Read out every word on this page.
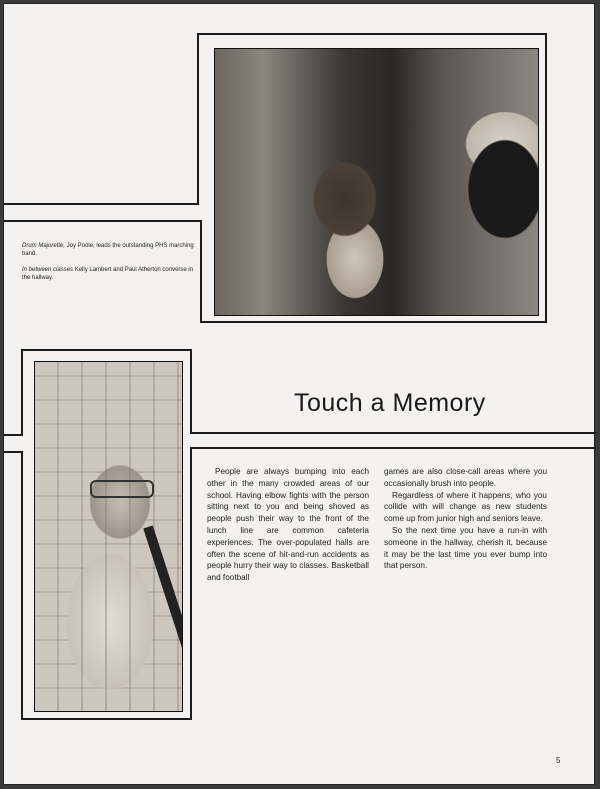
Drum Majorette, Joy Poole, leads the outstanding PHS marching band.

In between classes Kelly Lambert and Paul Atherton converse in the hallway.

Touch a Memory

People are always bumping into each other in the many crowded areas of our school. Having elbow fights with the person sitting next to you and being shoved as people push their way to the front of the lunch line are common cafeteria experiences. The over-populated halls are often the scene of hit-and-run accidents as people hurry their way to classes. Basketball and football

games are also close-call areas where you occasionally brush into people.

Regardless of where it happens, who you collide with will change as new students come up from junior high and seniors leave.

So the next time you have a run-in with someone in the hallway, cherish it, because it may be the last time you ever bump into that person.

5
